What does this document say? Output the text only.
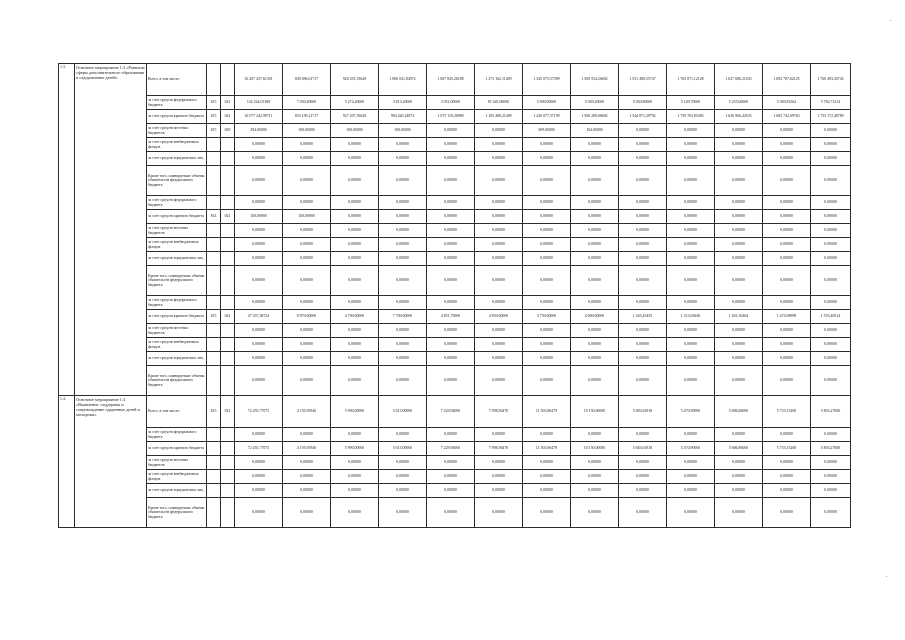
1.3.	Основное мероприятие 1.3 «Развитие сферы дополнительного образования и оздоровление детей»	Всего, в том числе:			16 207 437,61301	849 496,61717	920 201,55628	1 006 041,84972	1 067 845,26188	1 273 162,11409	1 345 075,57399	1 569 554,26692	1 551 488,55747	1 765 071,12128	1 627 680,21033	1 692 707,62125	1 760 493,20743
		за счет средств федерального бюджета	815	021	142 224,01369	7 050,40000	5 274,20000	3 813,20000	3 051,00000	81 645,00000	5 000,00000	5 049,20000	5 050,80000	5 149,70000	5 255,60000	5 369,82362	5 782,71214
		за счет средств краевого бюджета	815	021	16 077 242,99711	833 199,21717	927 207,35628	994 420,24872	1 075 110,26988	1 183 488,21409	1 226 077,57199	1 568 200,06692	1 544 871,29792	1 759 763,85492	1 620 966,44533	1 683 742,69763	1 753 172,48789
		за счет средств местных бюджетов	815	029	294,00000	100,00000	100,00000	100,00000	0,00000	0,00000	309,00000	104,00000	0,00000	0,00000	0,00000	0,00000	0,00000
		за счет средств внебюджетных фондов			0,00000	0,00000	0,00000	0,00000	0,00000	0,00000	0,00000	0,00000	0,00000	0,00000	0,00000	0,00000	0,00000
		за счет средств юридических лиц			0,00000	0,00000	0,00000	0,00000	0,00000	0,00000	0,00000	0,00000	0,00000	0,00000	0,00000	0,00000	0,00000
		Кроме того, планируемые объемы обязательств федерального бюджета			0,00000	0,00000	0,00000	0,00000	0,00000	0,00000	0,00000	0,00000	0,00000	0,00000	0,00000	0,00000	0,00000
		за счет средств федерального бюджета			0,00000	0,00000	0,00000	0,00000	0,00000	0,00000	0,00000	0,00000	0,00000	0,00000	0,00000	0,00000	0,00000
		за счет средств краевого бюджета	814	021	100,00000	100,00000	0,00000	0,00000	0,00000	0,00000	0,00000	0,00000	0,00000	0,00000	0,00000	0,00000	0,00000
		за счет средств местных бюджетов			0,00000	0,00000	0,00000	0,00000	0,00000	0,00000	0,00000	0,00000	0,00000	0,00000	0,00000	0,00000	0,00000
		за счет средств внебюджетных фондов			0,00000	0,00000	0,00000	0,00000	0,00000	0,00000	0,00000	0,00000	0,00000	0,00000	0,00000	0,00000	0,00000
		за счет средств юридических лиц			0,00000	0,00000	0,00000	0,00000	0,00000	0,00000	0,00000	0,00000	0,00000	0,00000	0,00000	0,00000	0,00000
		Кроме того, планируемые объемы обязательств федерального бюджета			0,00000	0,00000	0,00000	0,00000	0,00000	0,00000	0,00000	0,00000	0,00000	0,00000	0,00000	0,00000	0,00000
		за счет средств федерального бюджета			0,00000	0,00000	0,00000	0,00000	0,00000	0,00000	0,00000	0,00000	0,00000	0,00000	0,00000	0,00000	0,00000
		за счет средств краевого бюджета	815	021	47 257,38724	8 870,00000	4 700,00000	7 700,00000	4 851,70000	4 850,00000	3 750,00000	4 000,00000	1 545,45455	1 313,63636	1 401,36364	1 474,98998	1 553,40514
		за счет средств местных бюджетов			0,00000	0,00000	0,00000	0,00000	0,00000	0,00000	0,00000	0,00000	0,00000	0,00000	0,00000	0,00000	0,00000
		за счет средств внебюджетных фондов			0,00000	0,00000	0,00000	0,00000	0,00000	0,00000	0,00000	0,00000	0,00000	0,00000	0,00000	0,00000	0,00000
		за счет средств юридических лиц			0,00000	0,00000	0,00000	0,00000	0,00000	0,00000	0,00000	0,00000	0,00000	0,00000	0,00000	0,00000	0,00000
		Кроме того, планируемые объемы обязательств федерального бюджета			0,00000	0,00000	0,00000	0,00000	0,00000	0,00000	0,00000	0,00000	0,00000	0,00000	0,00000	0,00000	0,00000
1.4.	Основное мероприятие 1.4 «Выявление, поддержка и сопровождение одаренных детей и молодежи»	Всего, в том числе:	815	021	72 455,77075	4 159,39540	5 990,00000	5 615,00000	7 229,94000	7 998,56470	11 503,86479	10 150,00000	5 683,61818	5 470,90000	5 686,86000	5 753,15200	5 803,27600
		за счет средств федерального бюджета			0,00000	0,00000	0,00000	0,00000	0,00000	0,00000	0,00000	0,00000	0,00000	0,00000	0,00000	0,00000	0,00000
		за счет средств краевого бюджета			72 455,77075	4 159,39540	5 990,00000	5 615,00000	7 229,94000	7 998,56470	11 503,86479	10 150,00000	5 683,61818	5 470,90000	5 686,86000	5 753,15200	5 803,27600
		за счет средств местных бюджетов			0,00000	0,00000	0,00000	0,00000	0,00000	0,00000	0,00000	0,00000	0,00000	0,00000	0,00000	0,00000	0,00000
		за счет средств внебюджетных фондов			0,00000	0,00000	0,00000	0,00000	0,00000	0,00000	0,00000	0,00000	0,00000	0,00000	0,00000	0,00000	0,00000
		за счет средств юридических лиц			0,00000	0,00000	0,00000	0,00000	0,00000	0,00000	0,00000	0,00000	0,00000	0,00000	0,00000	0,00000	0,00000
		Кроме того, планируемые объемы обязательств федерального бюджета			0,00000	0,00000	0,00000	0,00000	0,00000	0,00000	0,00000	0,00000	0,00000	0,00000	0,00000	0,00000	0,00000
